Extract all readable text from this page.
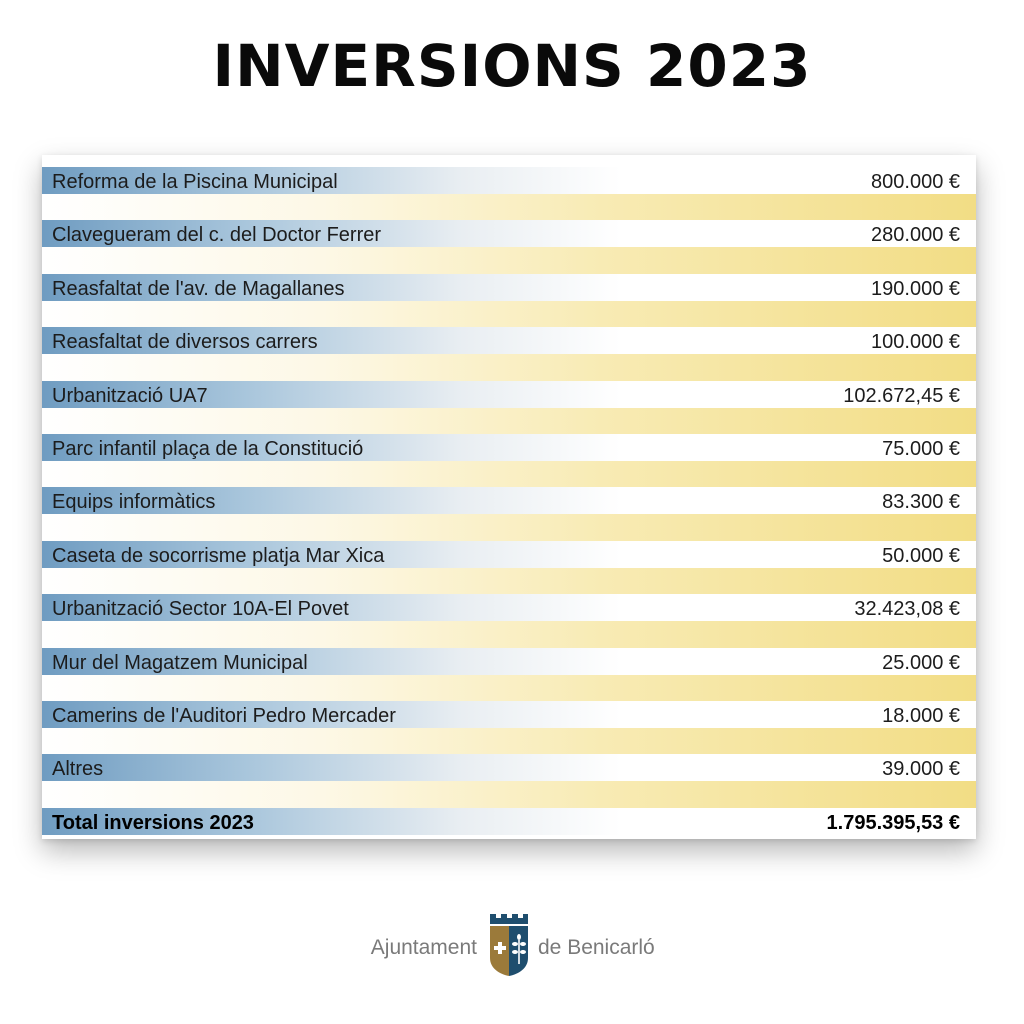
INVERSIONS 2023
Reforma de la Piscina Municipal	800.000 €
Clavegueram del c. del Doctor Ferrer	280.000 €
Reasfaltat de l'av. de Magallanes	190.000 €
Reasfaltat de diversos carrers	100.000 €
Urbanització UA7	102.672,45 €
Parc infantil plaça de la Constitució	75.000 €
Equips informàtics	83.300 €
Caseta de socorrisme platja Mar Xica	50.000 €
Urbanització Sector 10A-El Povet	32.423,08 €
Mur del Magatzem Municipal	25.000 €
Camerins de l'Auditori Pedro Mercader	18.000 €
Altres	39.000 €
Total inversions 2023	1.795.395,53 €
Ajuntament	de Benicarló
